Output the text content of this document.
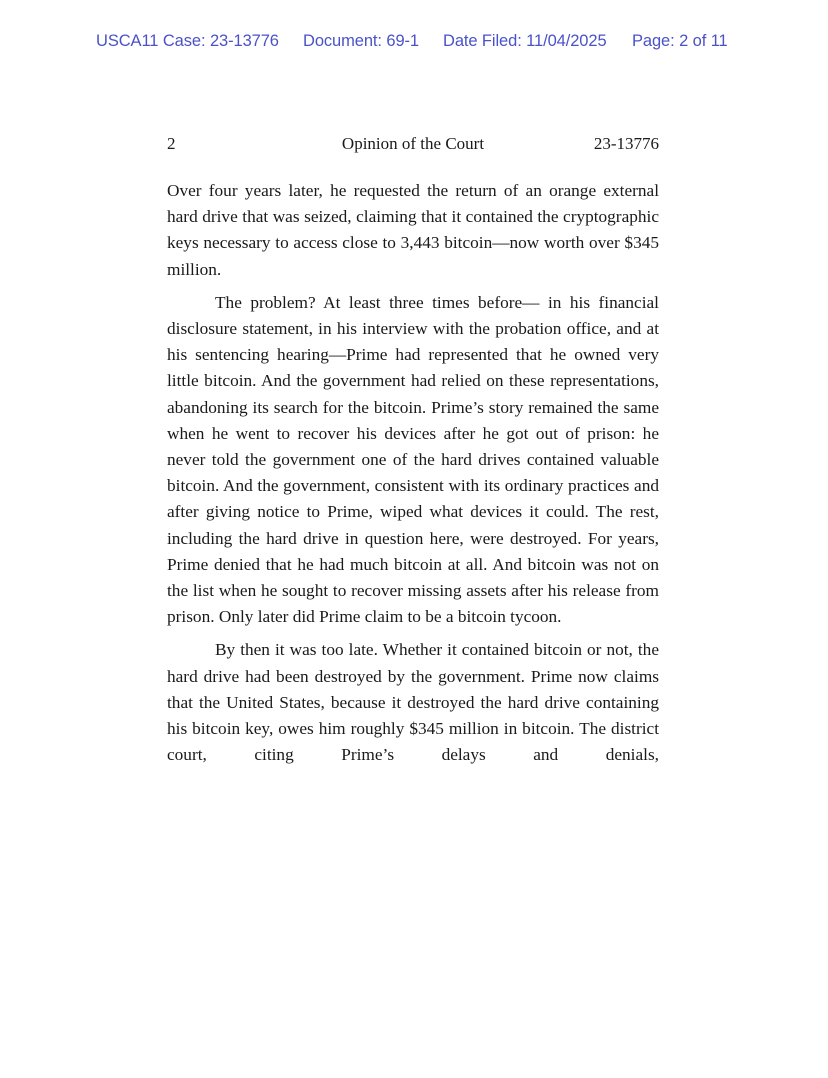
USCA11 Case: 23-13776 Document: 69-1 Date Filed: 11/04/2025 Page: 2 of 11
2	Opinion of the Court	23-13776

Over four years later, he requested the return of an orange external hard drive that was seized, claiming that it contained the cryptographic keys necessary to access close to 3,443 bitcoin—now worth over $345 million.

The problem? At least three times before— in his financial disclosure statement, in his interview with the probation office, and at his sentencing hearing—Prime had represented that he owned very little bitcoin. And the government had relied on these representations, abandoning its search for the bitcoin. Prime’s story remained the same when he went to recover his devices after he got out of prison: he never told the government one of the hard drives contained valuable bitcoin. And the government, consistent with its ordinary practices and after giving notice to Prime, wiped what devices it could. The rest, including the hard drive in question here, were destroyed. For years, Prime denied that he had much bitcoin at all. And bitcoin was not on the list when he sought to recover missing assets after his release from prison. Only later did Prime claim to be a bitcoin tycoon.

By then it was too late. Whether it contained bitcoin or not, the hard drive had been destroyed by the government. Prime now claims that the United States, because it destroyed the hard drive containing his bitcoin key, owes him roughly $345 million in bitcoin. The district court, citing Prime’s delays and denials,
